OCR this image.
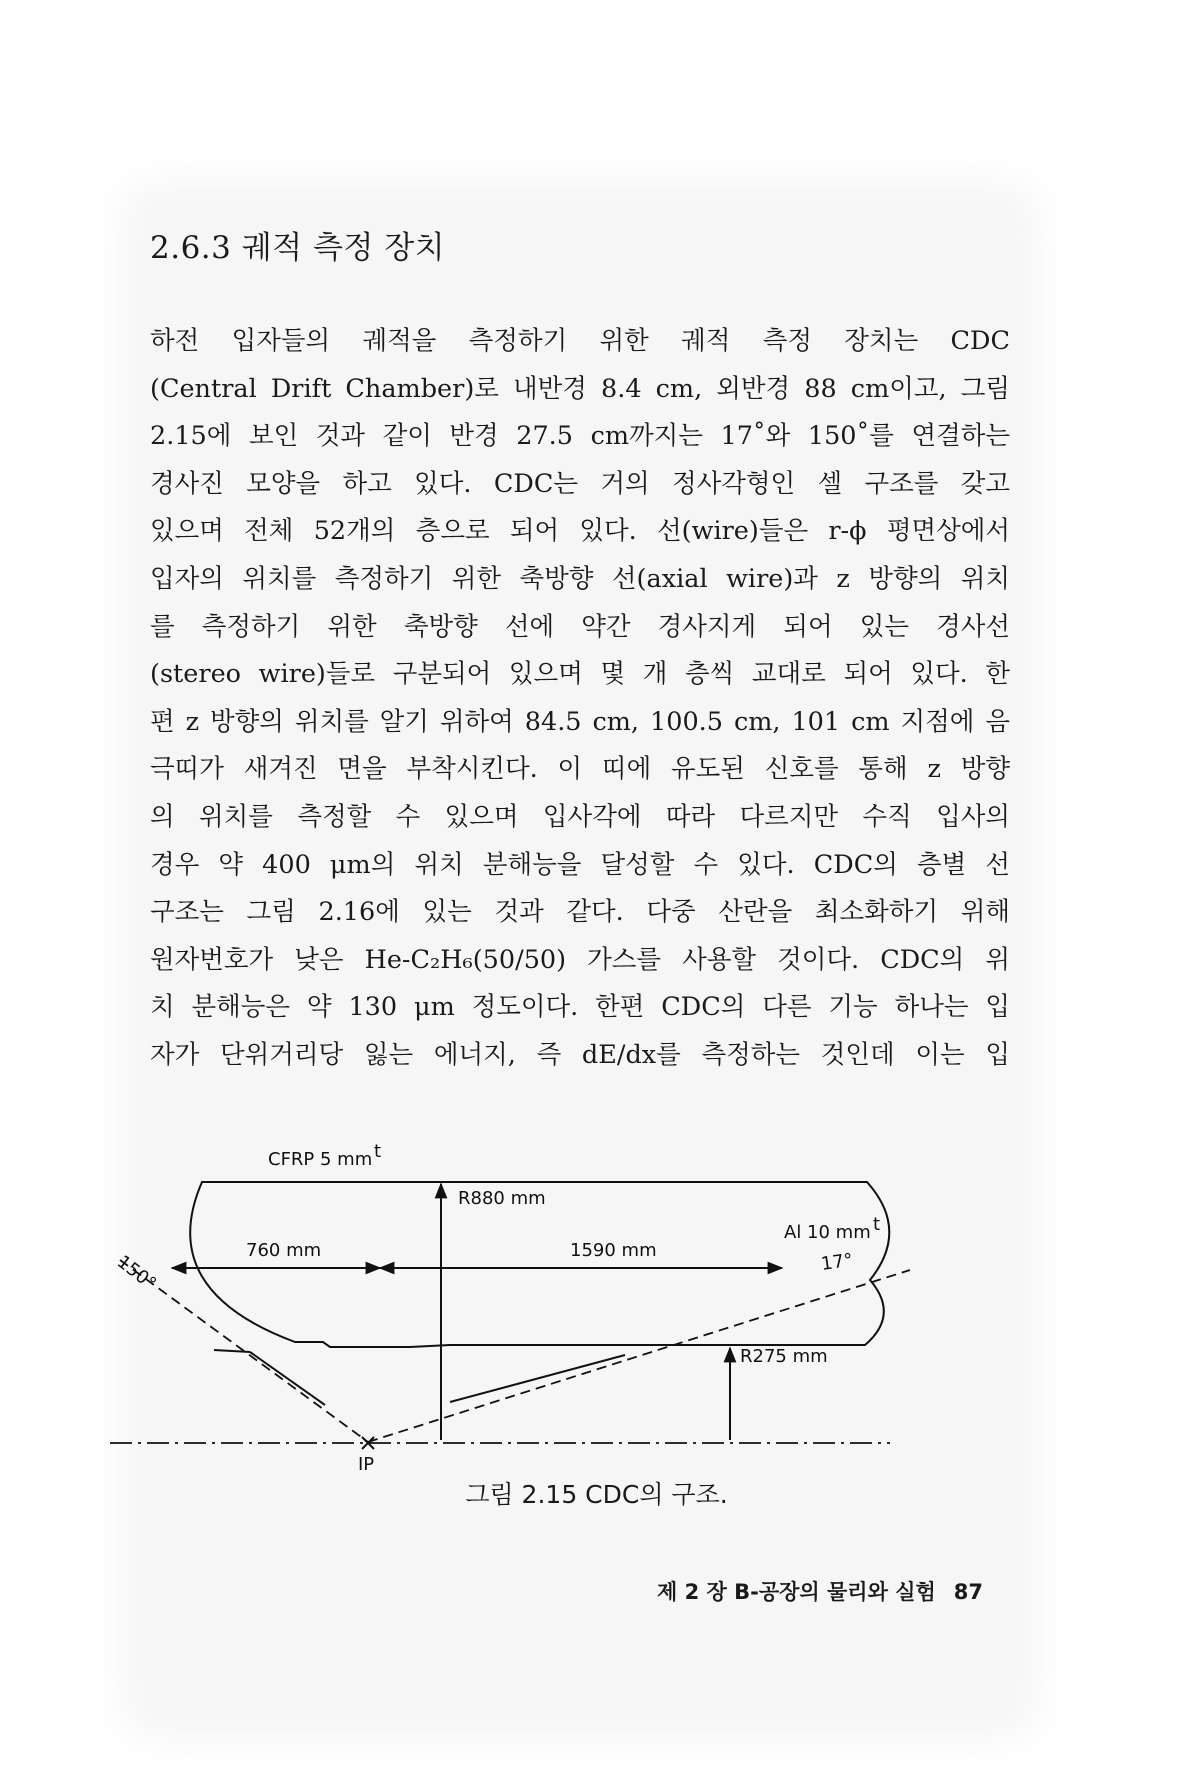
2.6.3 궤적 측정 장치
하전 입자들의 궤적을 측정하기 위한 궤적 측정 장치는 CDC
(Central Drift Chamber)로 내반경 8.4 cm, 외반경 88 cm이고, 그림
2.15에 보인 것과 같이 반경 27.5 cm까지는 17˚와 150˚를 연결하는
경사진 모양을 하고 있다. CDC는 거의 정사각형인 셀 구조를 갖고
있으며 전체 52개의 층으로 되어 있다. 선(wire)들은 r-ϕ 평면상에서
입자의 위치를 측정하기 위한 축방향 선(axial wire)과 z 방향의 위치
를 측정하기 위한 축방향 선에 약간 경사지게 되어 있는 경사선
(stereo wire)들로 구분되어 있으며 몇 개 층씩 교대로 되어 있다. 한
편 z 방향의 위치를 알기 위하여 84.5 cm, 100.5 cm, 101 cm 지점에 음
극띠가 새겨진 면을 부착시킨다. 이 띠에 유도된 신호를 통해 z 방향
의 위치를 측정할 수 있으며 입사각에 따라 다르지만 수직 입사의
경우 약 400 μm의 위치 분해능을 달성할 수 있다. CDC의 층별 선
구조는 그림 2.16에 있는 것과 같다. 다중 산란을 최소화하기 위해
원자번호가 낮은 He-C₂H₆(50/50) 가스를 사용할 것이다. CDC의 위
치 분해능은 약 130 μm 정도이다. 한편 CDC의 다른 기능 하나는 입
자가 단위거리당 잃는 에너지, 즉 dE/dx를 측정하는 것인데 이는 입
CFRP 5 mm t
R880 mm
Al 10 mm t
760 mm	1590 mm
150°	17°
R275 mm
IP
그림 2.15 CDC의 구조.
제 2 장 B-공장의 물리와 실험 87
